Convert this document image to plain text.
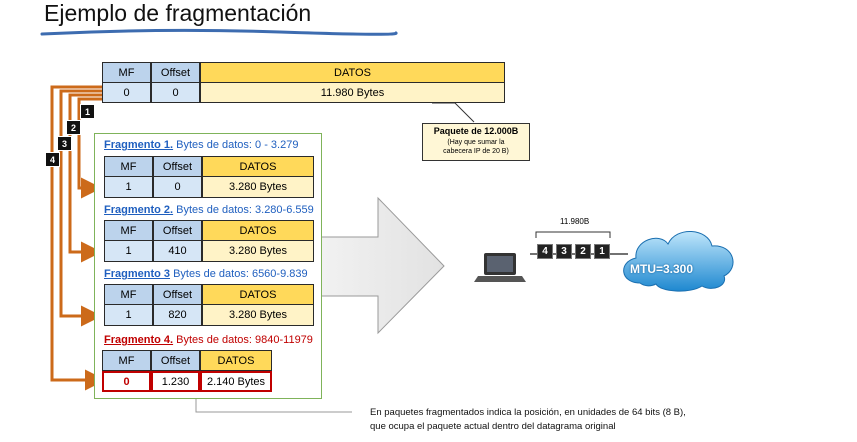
Ejemplo de fragmentación
MF	Offset	DATOS
0	0	11.980 Bytes
Paquete de 12.000B
(Hay que sumar la
cabecera IP de 20 B)
1
2
3
4
Fragmento 1. Bytes de datos: 0 - 3.279
MF	Offset	DATOS
1	0	3.280 Bytes
Fragmento 2. Bytes de datos: 3.280-6.559
MF	Offset	DATOS
1	410	3.280 Bytes
Fragmento 3 Bytes de datos: 6560-9.839
MF	Offset	DATOS
1	820	3.280 Bytes
Fragmento 4. Bytes de datos: 9840-11979
MF	Offset	DATOS
0	1.230	2.140 Bytes
11.980B
4	3	2	1
MTU=3.300
En paquetes fragmentados indica la posición, en unidades de 64 bits (8 B),
que ocupa el paquete actual dentro del datagrama original
